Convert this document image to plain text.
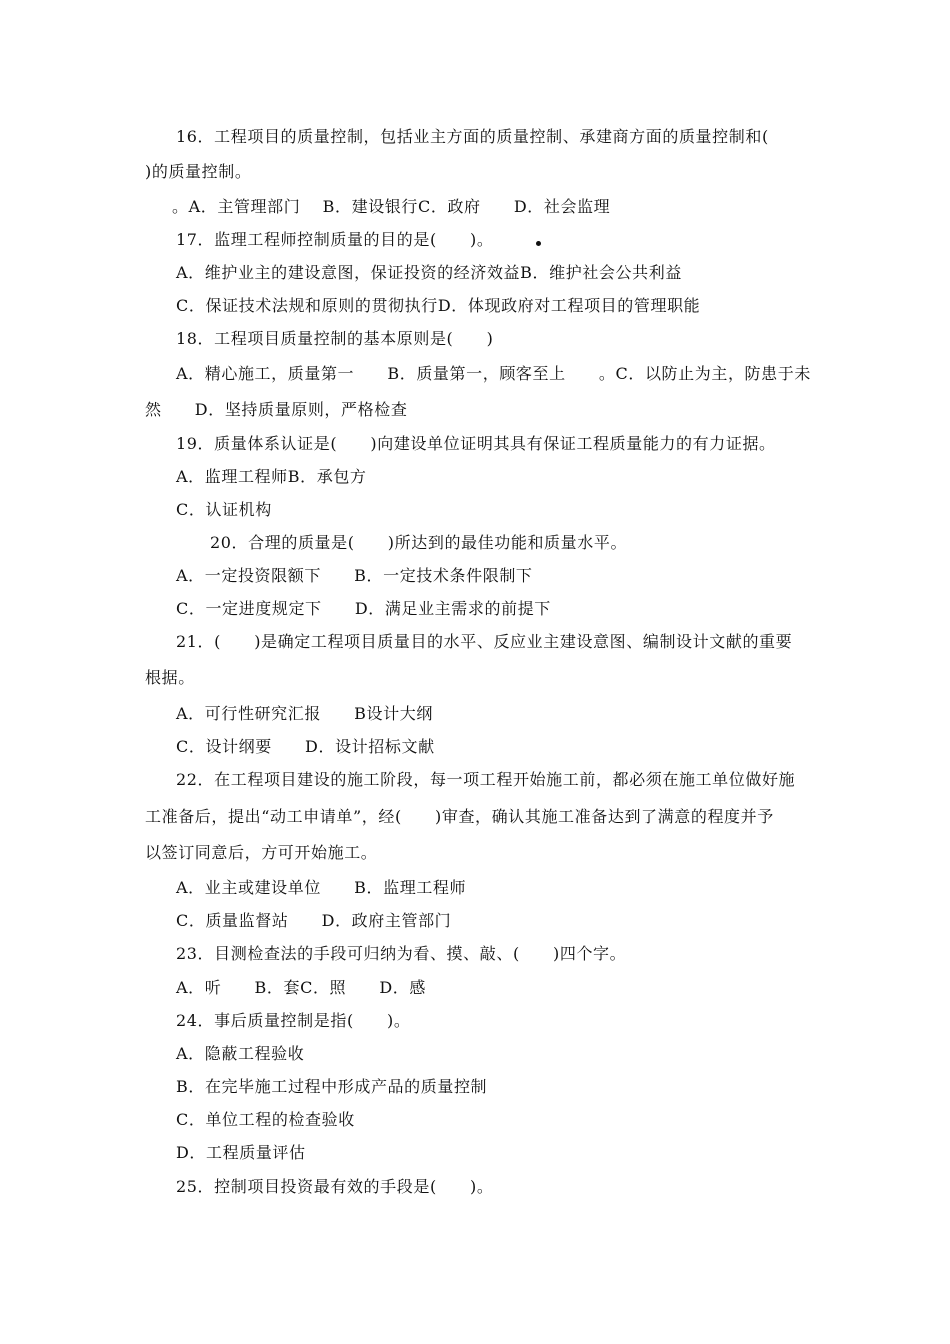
16．工程项目的质量控制，包括业主方面的质量控制、承建商方面的质量控制和(
)的质量控制。
。A．主管理部门　 B．建设银行C．政府　　D．社会监理
17．监理工程师控制质量的目的是(　　)。
A．维护业主的建设意图，保证投资的经济效益B．维护社会公共利益
C．保证技术法规和原则的贯彻执行D．体现政府对工程项目的管理职能
18．工程项目质量控制的基本原则是(　　)
A．精心施工，质量第一　　B．质量第一，顾客至上　　。C．以防止为主，防患于未
然　　D．坚持质量原则，严格检查
19．质量体系认证是(　　)向建设单位证明其具有保证工程质量能力的有力证据。
A．监理工程师B．承包方
C．认证机构
20．合理的质量是(　　)所达到的最佳功能和质量水平。
A．一定投资限额下　　B．一定技术条件限制下
C．一定进度规定下　　D．满足业主需求的前提下
21．(　　)是确定工程项目质量目的水平、反应业主建设意图、编制设计文献的重要
根据。
A．可行性研究汇报　　B设计大纲
C．设计纲要　　D．设计招标文献
22．在工程项目建设的施工阶段，每一项工程开始施工前，都必须在施工单位做好施
工准备后，提出“动工申请单”，经(　　)审查，确认其施工准备达到了满意的程度并予
以签订同意后，方可开始施工。
A．业主或建设单位　　B．监理工程师
C．质量监督站　　D．政府主管部门
23．目测检查法的手段可归纳为看、摸、敲、(　　)四个字。
A．听　　B．套C．照　　D．感
24．事后质量控制是指(　　)。
A．隐蔽工程验收
B．在完毕施工过程中形成产品的质量控制
C．单位工程的检查验收
D．工程质量评估
25．控制项目投资最有效的手段是(　　)。
